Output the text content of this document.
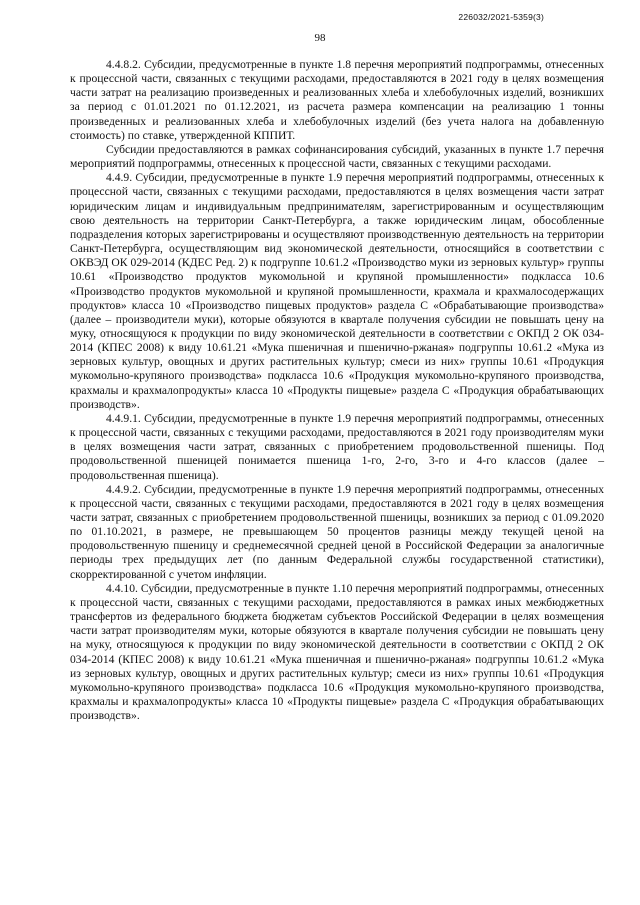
226032/2021-5359(3)
98

4.4.8.2. Субсидии, предусмотренные в пункте 1.8 перечня мероприятий подпрограммы, отнесенных к процессной части, связанных с текущими расходами, предоставляются в 2021 году в целях возмещения части затрат на реализацию произведенных и реализованных хлеба и хлебобулочных изделий, возникших за период с 01.01.2021 по 01.12.2021, из расчета размера компенсации на реализацию 1 тонны произведенных и реализованных хлеба и хлебобулочных изделий (без учета налога на добавленную стоимость) по ставке, утвержденной КППИТ.

Субсидии предоставляются в рамках софинансирования субсидий, указанных в пункте 1.7 перечня мероприятий подпрограммы, отнесенных к процессной части, связанных с текущими расходами.

4.4.9. Субсидии, предусмотренные в пункте 1.9 перечня мероприятий подпрограммы, отнесенных к процессной части, связанных с текущими расходами, предоставляются в целях возмещения части затрат юридическим лицам и индивидуальным предпринимателям, зарегистрированным и осуществляющим свою деятельность на территории Санкт-Петербурга, а также юридическим лицам, обособленные подразделения которых зарегистрированы и осуществляют производственную деятельность на территории Санкт-Петербурга, осуществляющим вид экономической деятельности, относящийся в соответствии с ОКВЭД ОК 029-2014 (КДЕС Ред. 2) к подгруппе 10.61.2 «Производство муки из зерновых культур» группы 10.61 «Производство продуктов мукомольной и крупяной промышленности» подкласса 10.6 «Производство продуктов мукомольной и крупяной промышленности, крахмала и крахмалосодержащих продуктов» класса 10 «Производство пищевых продуктов» раздела С «Обрабатывающие производства» (далее – производители муки), которые обязуются в квартале получения субсидии не повышать цену на муку, относящуюся к продукции по виду экономической деятельности в соответствии с ОКПД 2 ОК 034-2014 (КПЕС 2008) к виду 10.61.21 «Мука пшеничная и пшенично-ржаная» подгруппы 10.61.2 «Мука из зерновых культур, овощных и других растительных культур; смеси из них» группы 10.61 «Продукция мукомольно-крупяного производства» подкласса 10.6 «Продукция мукомольно-крупяного производства, крахмалы и крахмалопродукты» класса 10 «Продукты пищевые» раздела С «Продукция обрабатывающих производств».

4.4.9.1. Субсидии, предусмотренные в пункте 1.9 перечня мероприятий подпрограммы, отнесенных к процессной части, связанных с текущими расходами, предоставляются в 2021 году производителям муки в целях возмещения части затрат, связанных с приобретением продовольственной пшеницы. Под продовольственной пшеницей понимается пшеница 1-го, 2-го, 3-го и 4-го классов (далее – продовольственная пшеница).

4.4.9.2. Субсидии, предусмотренные в пункте 1.9 перечня мероприятий подпрограммы, отнесенных к процессной части, связанных с текущими расходами, предоставляются в 2021 году в целях возмещения части затрат, связанных с приобретением продовольственной пшеницы, возникших за период с 01.09.2020 по 01.10.2021, в размере, не превышающем 50 процентов разницы между текущей ценой на продовольственную пшеницу и среднемесячной средней ценой в Российской Федерации за аналогичные периоды трех предыдущих лет (по данным Федеральной службы государственной статистики), скорректированной с учетом инфляции.

4.4.10. Субсидии, предусмотренные в пункте 1.10 перечня мероприятий подпрограммы, отнесенных к процессной части, связанных с текущими расходами, предоставляются в рамках иных межбюджетных трансфертов из федерального бюджета бюджетам субъектов Российской Федерации в целях возмещения части затрат производителям муки, которые обязуются в квартале получения субсидии не повышать цену на муку, относящуюся к продукции по виду экономической деятельности в соответствии с ОКПД 2 ОК 034-2014 (КПЕС 2008) к виду 10.61.21 «Мука пшеничная и пшенично-ржаная» подгруппы 10.61.2 «Мука из зерновых культур, овощных и других растительных культур; смеси из них» группы 10.61 «Продукция мукомольно-крупяного производства» подкласса 10.6 «Продукция мукомольно-крупяного производства, крахмалы и крахмалопродукты» класса 10 «Продукты пищевые» раздела С «Продукция обрабатывающих производств».
